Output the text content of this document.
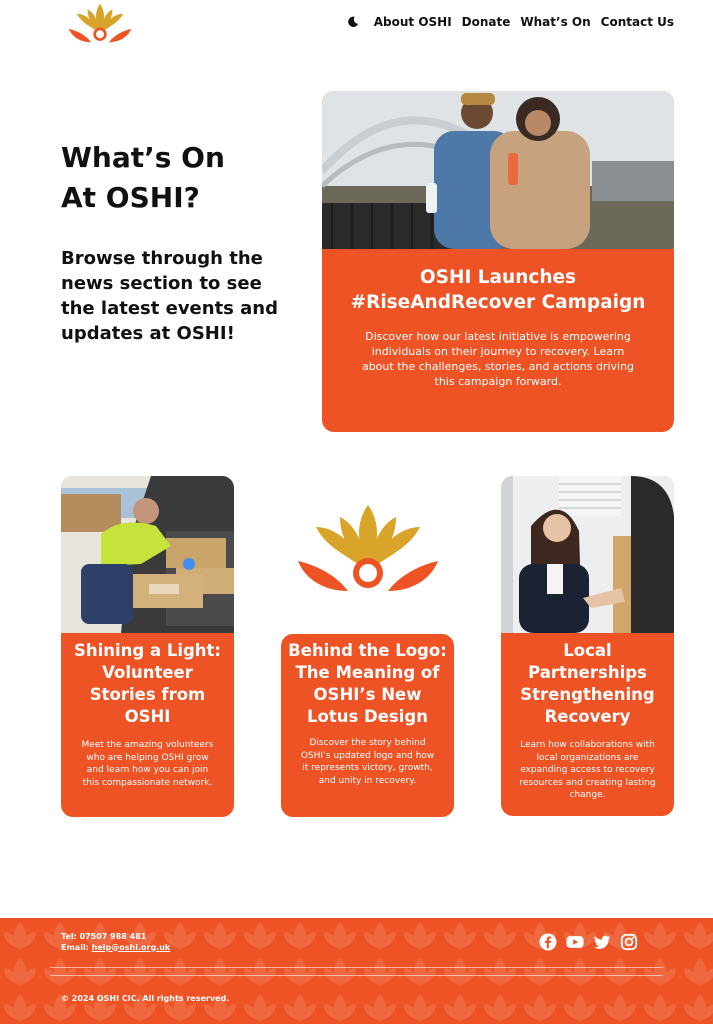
About OSHI Donate What’s On Contact Us
What’s On
At OSHI?

Browse through the news section to see the latest events and updates at OSHI!

OSHI Launches #RiseAndRecover Campaign

Discover how our latest initiative is empowering individuals on their journey to recovery. Learn about the challenges, stories, and actions driving this campaign forward.

Shining a Light: Volunteer Stories from OSHI

Meet the amazing volunteers who are helping OSHI grow and learn how you can join this compassionate network.

Behind the Logo: The Meaning of OSHI’s New Lotus Design

Discover the story behind OSHI’s updated logo and how it represents victory, growth, and unity in recovery.

Local Partnerships Strengthening Recovery

Learn how collaborations with local organizations are expanding access to recovery resources and creating lasting change.

Tel: 07507 988 481
Email: help@oshi.org.uk
© 2024 OSHI CIC. All rights reserved.
